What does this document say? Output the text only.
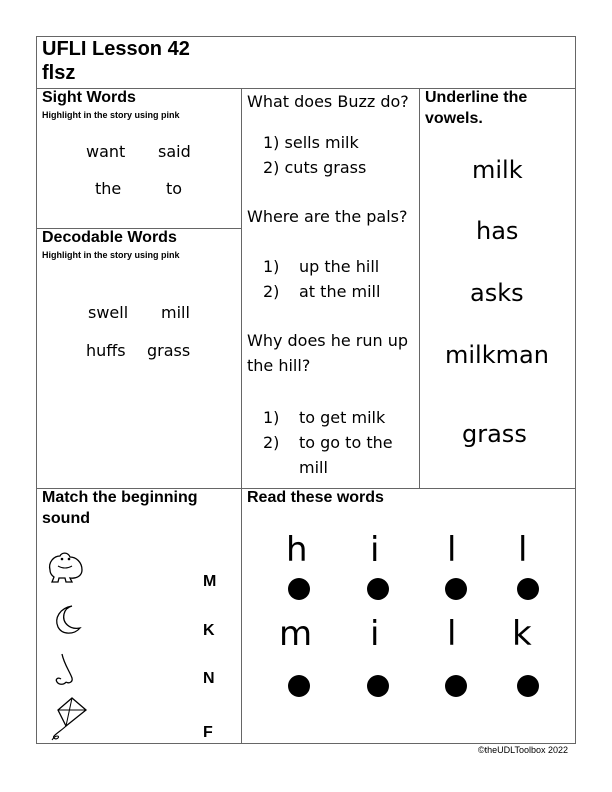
UFLI Lesson 42
flsz
Sight Words
Highlight in the story using pink
want said
the	to
Decodable Words
Highlight in the story using pink
swell mill
huffs grass
What does Buzz do?
1) sells milk
2) cuts grass
Where are the pals?
1) up the hill
2) at the mill
Why does he run up
the hill?
1) to get milk
2) to go to the
mill
Underline the
vowels.
milk
has
asks
milkman
grass
Match the beginning
sound
M
K
N
F
Read these words
h i l l
m i l k
©theUDLToolbox 2022
